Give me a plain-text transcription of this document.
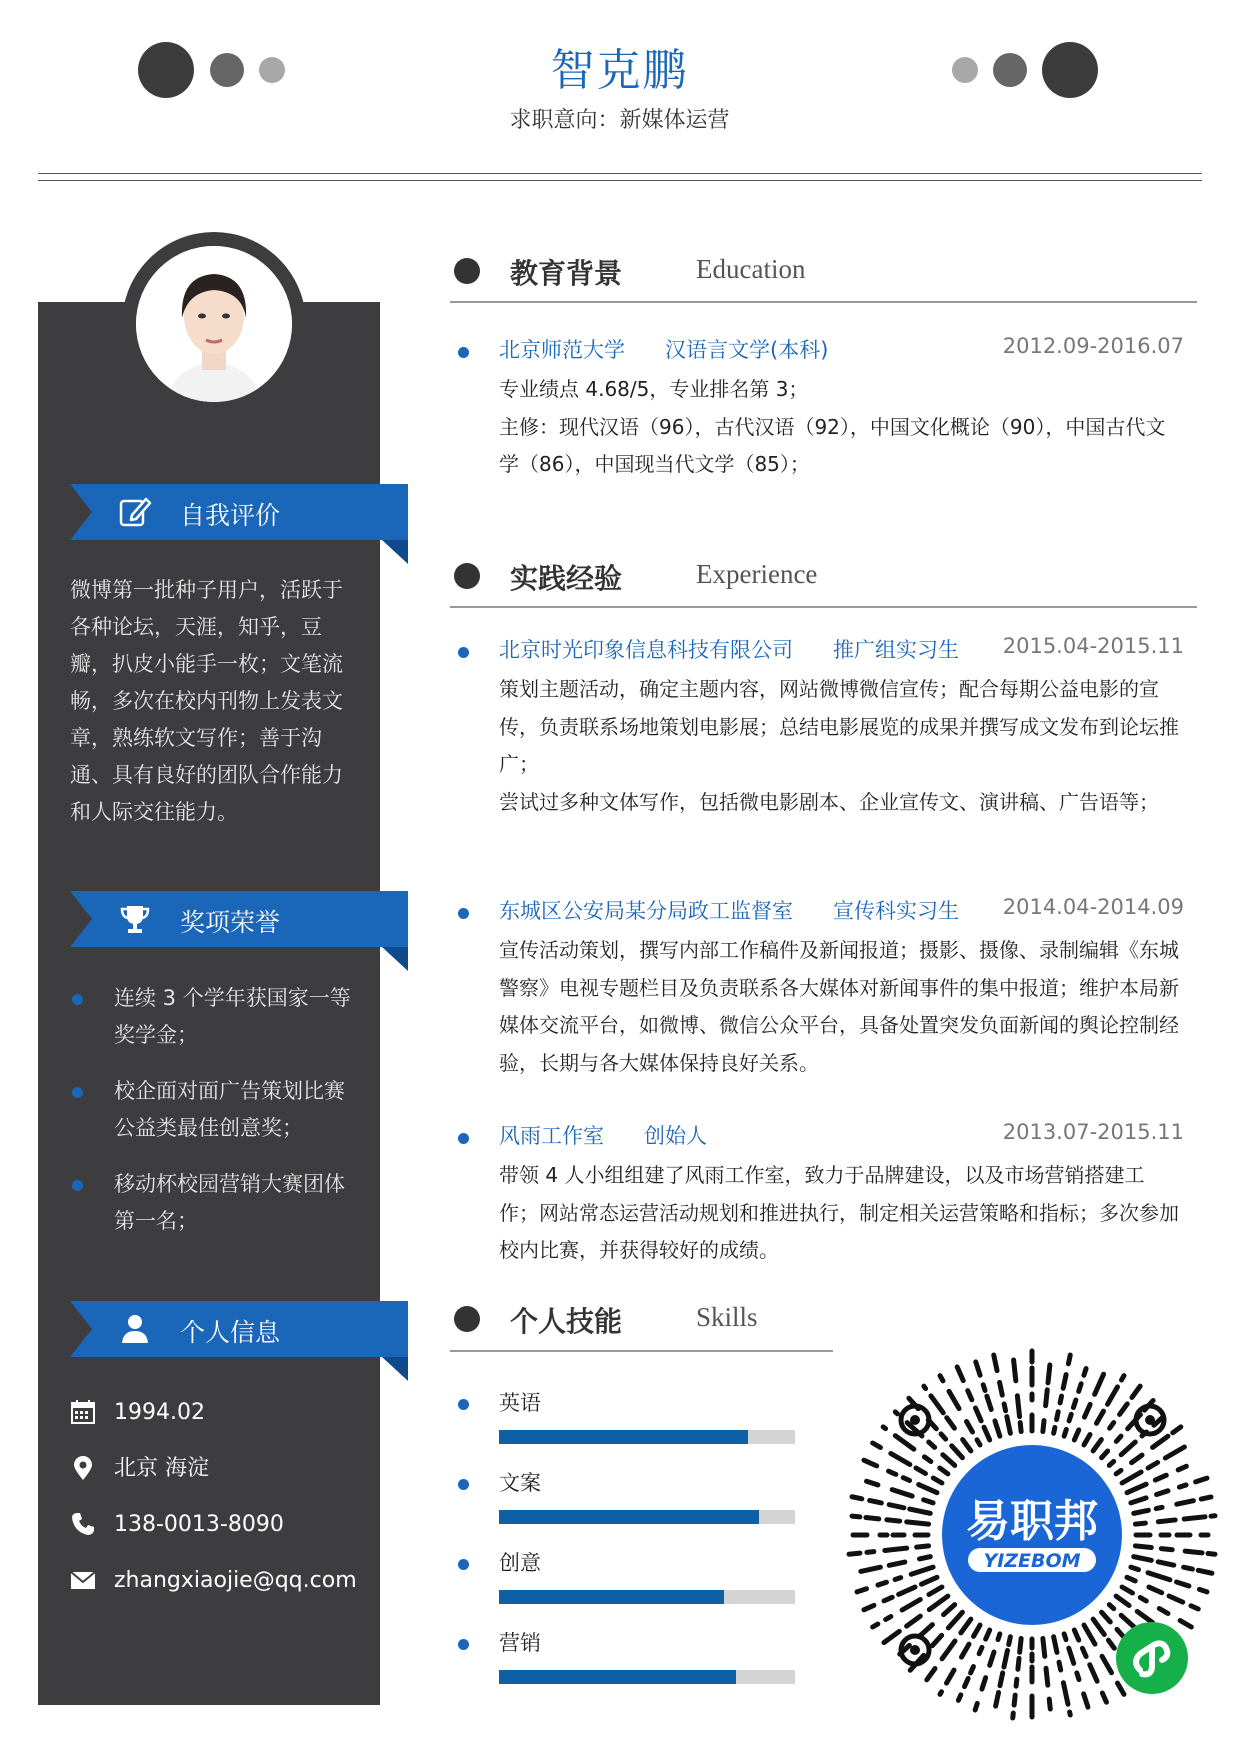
智克鹏
求职意向：新媒体运营
自我评价
微博第一批种子用户，活跃于各种论坛，天涯，知乎，豆瓣，扒皮小能手一枚；文笔流畅，多次在校内刊物上发表文章，熟练软文写作；善于沟通、具有良好的团队合作能力和人际交往能力。
奖项荣誉
连续 3 个学年获国家一等奖学金；
校企面对面广告策划比赛公益类最佳创意奖；
移动杯校园营销大赛团体第一名；
个人信息
1994.02
北京 海淀
138-0013-8090
zhangxiaojie@qq.com
教育背景	Education
北京师范大学 汉语言文学(本科)	2012.09-2016.07
专业绩点 4.68/5，专业排名第 3；
主修：现代汉语（96），古代汉语（92），中国文化概论（90），中国古代文学（86），中国现当代文学（85）；
实践经验	Experience
北京时光印象信息科技有限公司 推广组实习生	2015.04-2015.11
策划主题活动，确定主题内容，网站微博微信宣传；配合每期公益电影的宣传，负责联系场地策划电影展；总结电影展览的成果并撰写成文发布到论坛推广；
尝试过多种文体写作，包括微电影剧本、企业宣传文、演讲稿、广告语等；
东城区公安局某分局政工监督室 宣传科实习生	2014.04-2014.09
宣传活动策划，撰写内部工作稿件及新闻报道；摄影、摄像、录制编辑《东城警察》电视专题栏目及负责联系各大媒体对新闻事件的集中报道；维护本局新媒体交流平台，如微博、微信公众平台，具备处置突发负面新闻的舆论控制经验，长期与各大媒体保持良好关系。
风雨工作室 创始人	2013.07-2015.11
带领 4 人小组组建了风雨工作室，致力于品牌建设，以及市场营销搭建工作；网站常态运营活动规划和推进执行，制定相关运营策略和指标；多次参加校内比赛，并获得较好的成绩。
个人技能	Skills
英语
文案
创意
营销
易职邦
YIZEBOM
